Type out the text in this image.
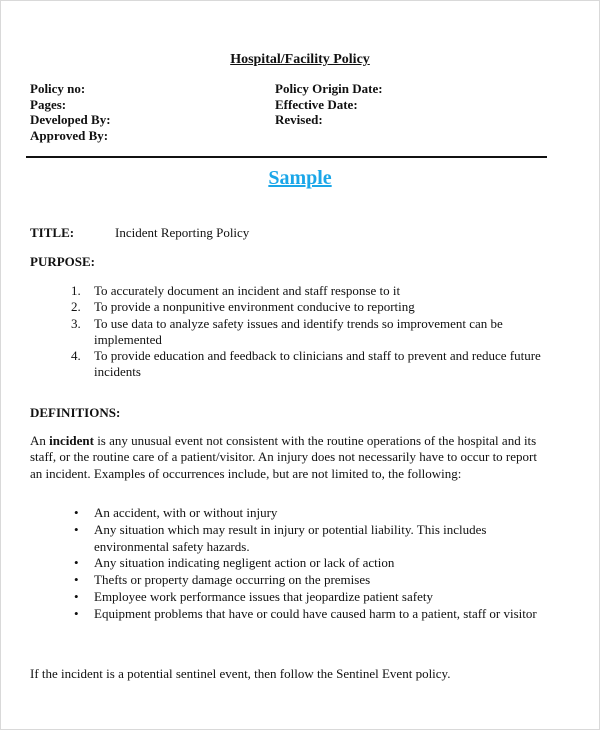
Hospital/Facility Policy
Policy no:
Pages:
Developed By:
Approved By:
Policy Origin Date:
Effective Date:
Revised:
Sample
TITLE:	Incident Reporting Policy
PURPOSE:
1. To accurately document an incident and staff response to it
2. To provide a nonpunitive environment conducive to reporting
3. To use data to analyze safety issues and identify trends so improvement can be implemented
4. To provide education and feedback to clinicians and staff to prevent and reduce future incidents
DEFINITIONS:
An incident is any unusual event not consistent with the routine operations of the hospital and its staff, or the routine care of a patient/visitor. An injury does not necessarily have to occur to report an incident. Examples of occurrences include, but are not limited to, the following:
• An accident, with or without injury
• Any situation which may result in injury or potential liability. This includes environmental safety hazards.
• Any situation indicating negligent action or lack of action
• Thefts or property damage occurring on the premises
• Employee work performance issues that jeopardize patient safety
• Equipment problems that have or could have caused harm to a patient, staff or visitor
If the incident is a potential sentinel event, then follow the Sentinel Event policy.
